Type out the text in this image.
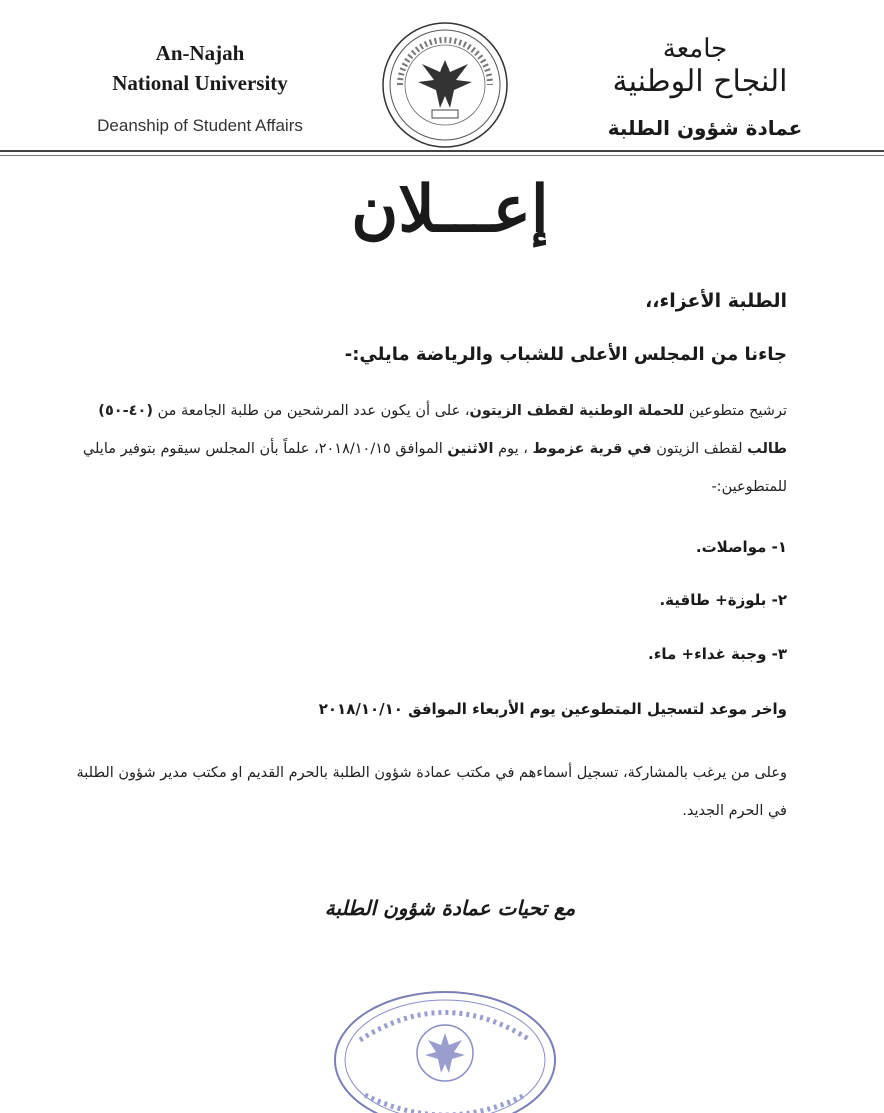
An-Najah
National University
Deanship of Student Affairs
جامعة
النجاح الوطنية
عمادة شؤون الطلبة
إعـــلان
الطلبة الأعزاء،،
جاءنا من المجلس الأعلى للشباب والرياضة مايلي:-
ترشيح متطوعين للحملة الوطنية لقطف الزيتون، على أن يكون عدد المرشحين من طلبة الجامعة من (٤٠-٥٠) طالب لقطف الزيتون في قرية عزموط ، يوم الاثنين الموافق ٢٠١٨/١٠/١٥، علماً بأن المجلس سيقوم بتوفير مايلي للمتطوعين:-
١- مواصلات.
٢- بلوزة+ طاقية.
٣- وجبة غداء+ ماء.
واخر موعد لتسجيل المتطوعين يوم الأربعاء الموافق ٢٠١٨/١٠/١٠
وعلى من يرغب بالمشاركة، تسجيل أسماءهم في مكتب عمادة شؤون الطلبة بالحرم القديم او مكتب مدير شؤون الطلبة في الحرم الجديد.
مع تحيات عمادة شؤون الطلبة
